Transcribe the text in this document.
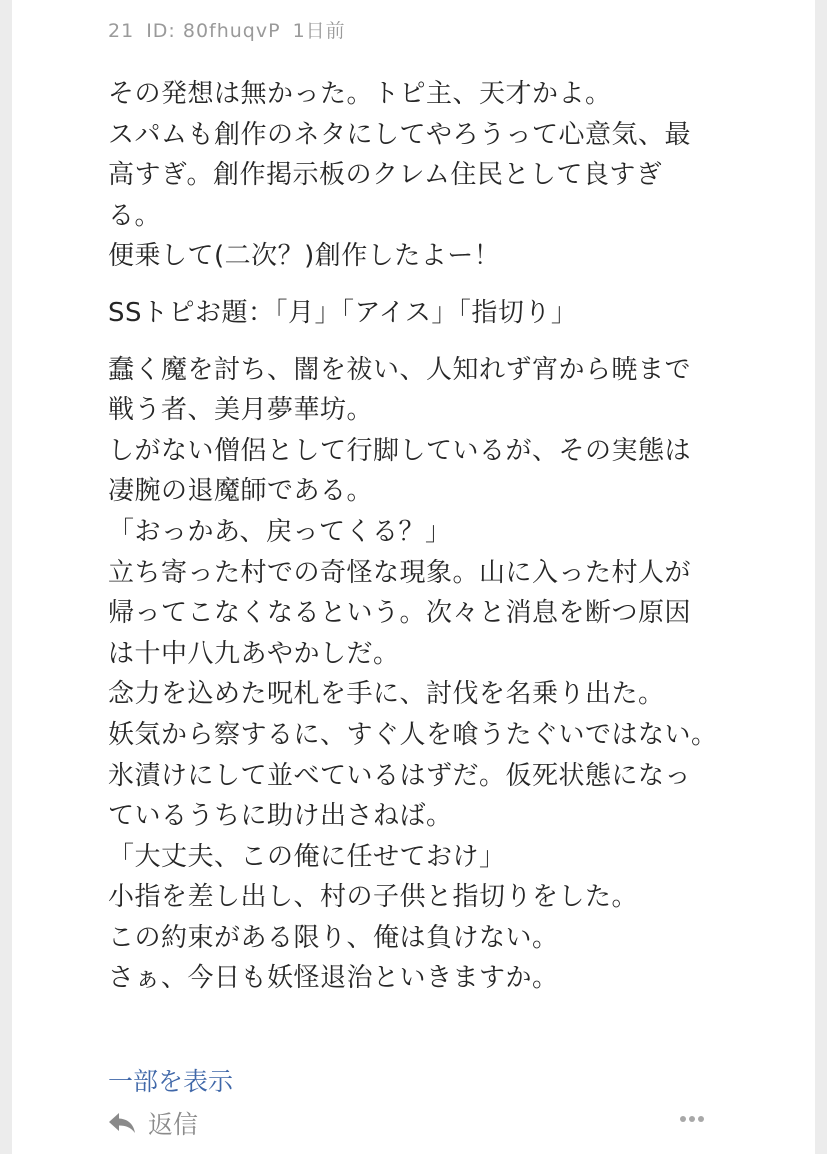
21 ID: 80fhuqvP 1日前

その発想は無かった。トピ主、天才かよ。
スパムも創作のネタにしてやろうって心意気、最
高すぎ。創作掲示板のクレム住民として良すぎ
る。
便乗して(二次？)創作したよー！

SSトピお題：「月」「アイス」「指切り」

蠢く魔を討ち、闇を祓い、人知れず宵から暁まで
戦う者、美月夢華坊。
しがない僧侶として行脚しているが、その実態は
凄腕の退魔師である。
「おっかあ、戻ってくる？」
立ち寄った村での奇怪な現象。山に入った村人が
帰ってこなくなるという。次々と消息を断つ原因
は十中八九あやかしだ。
念力を込めた呪札を手に、討伐を名乗り出た。
妖気から察するに、すぐ人を喰うたぐいではない。
氷漬けにして並べているはずだ。仮死状態になっ
ているうちに助け出さねば。
「大丈夫、この俺に任せておけ」
小指を差し出し、村の子供と指切りをした。
この約束がある限り、俺は負けない。
さぁ、今日も妖怪退治といきますか。

一部を表示
返信
